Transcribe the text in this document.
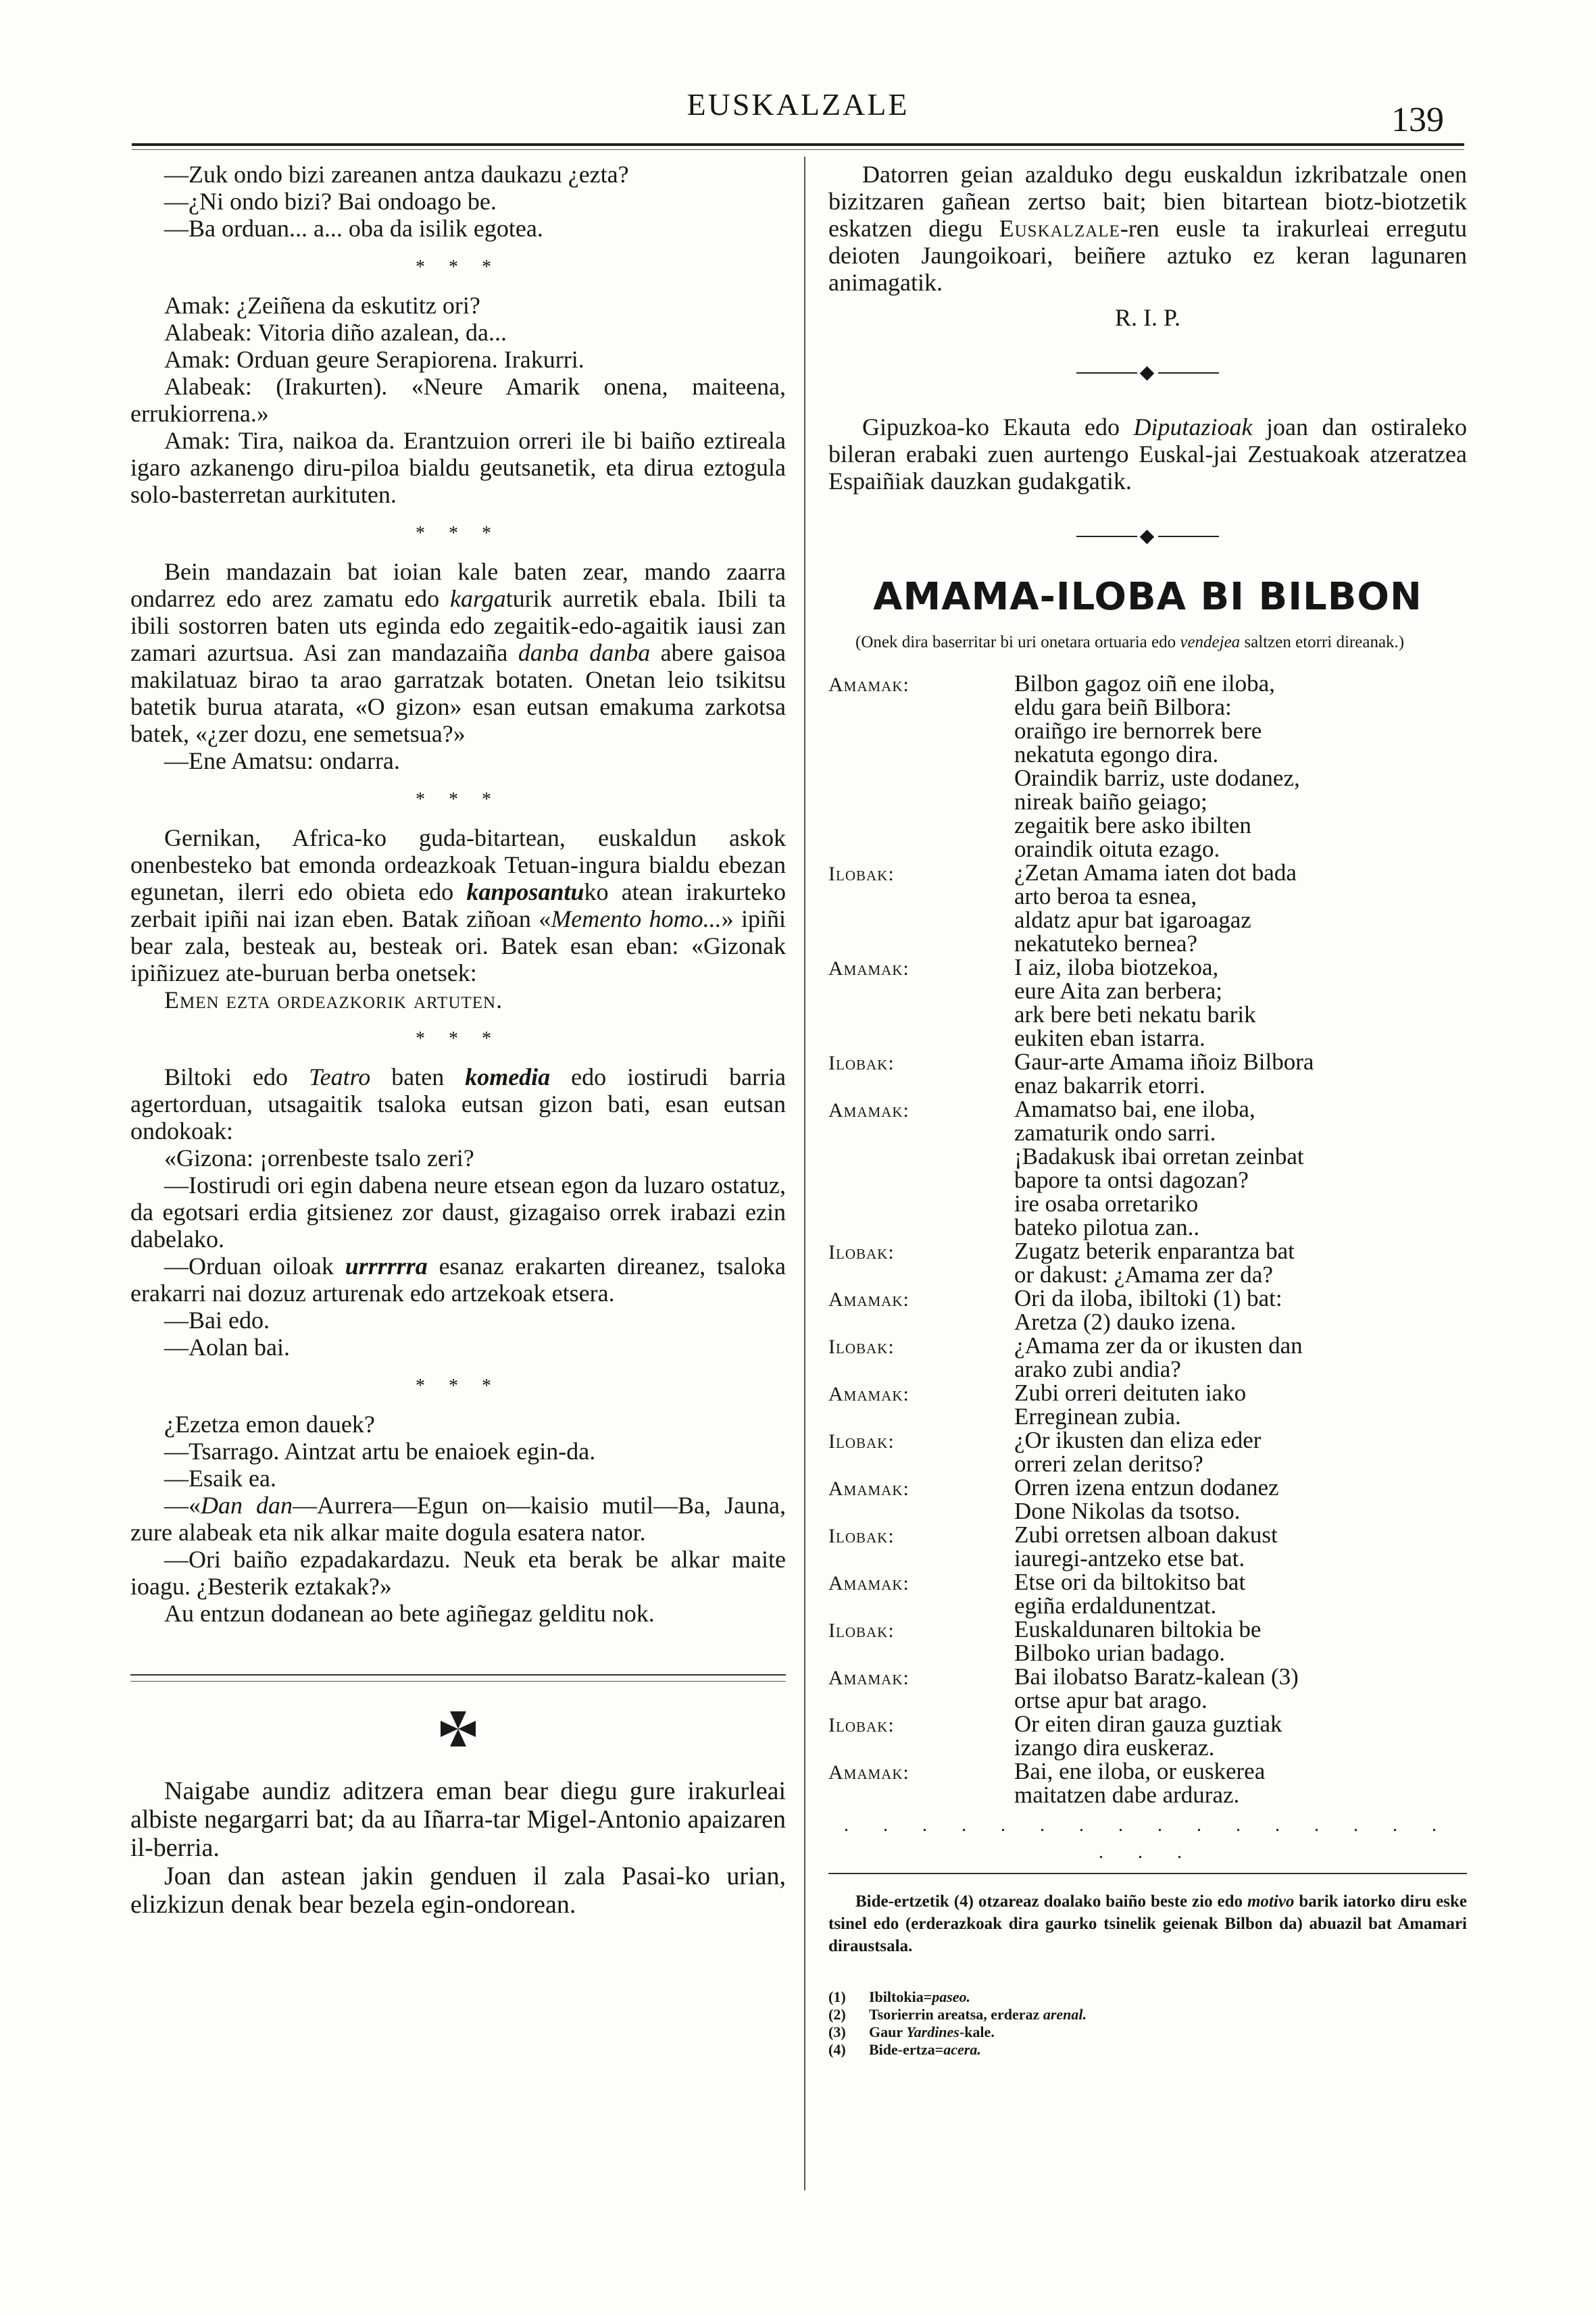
EUSKALZALE	139

—Zuk ondo bizi zareanen antza daukazu ¿ezta?

—¿Ni ondo bizi? Bai ondoago be.

—Ba orduan... a... oba da isilik egotea.

* * *

Amak: ¿Zeiñena da eskutitz ori?

Alabeak: Vitoria diño azalean, da...

Amak: Orduan geure Serapiorena. Irakurri.

Alabeak: (Irakurten). «Neure Amarik onena, maiteena, errukiorrena.»

Amak: Tira, naikoa da. Erantzuion orreri ile bi baiño eztireala igaro azkanengo diru-piloa bialdu geutsanetik, eta dirua eztogula solo-basterretan aurkituten.

* * *

Bein mandazain bat ioian kale baten zear, mando zaarra ondarrez edo arez zamatu edo kargaturik aurretik ebala. Ibili ta ibili sostorren baten uts egindа edo zegaitik-edo-agaitik iausi zan zamari azurtsua. Asi zan mandazaiña danba danba abere gaisoa makilatuaz birao ta arao garratzak botaten. Onetan leio tsikitsu batetik burua atarata, «O gizon» esan eutsan emakuma zarkotsa batek, «¿zer dozu, ene semetsua?»

—Ene Amatsu: ondarra.

* * *

Gernikan, Africa-ko guda-bitartean, euskaldun askok onenbesteko bat emonda ordeazkoak Tetuan-ingura bialdu ebezan egunetan, ilerri edo obieta edo kanposantuko atean irakurteko zerbait ipiñi nai izan eben. Batak ziñoan «Memento homo...» ipiñi bear zala, besteak au, besteak ori. Batek esan eban: «Gizonak ipiñizuez ate-buruan berba onetsek:

Emen ezta ordeazkorik artuten.

* * *

Biltoki edo Teatro baten komedia edo iostirudi barria agertorduan, utsagaitik tsaloka eutsan gizon bati, esan eutsan ondokoak:

«Gizona: ¡orrenbeste tsalo zeri?

—Iostirudi ori egin dabena neure etsean egon da luzaro ostatuz, da egotsari erdia gitsienez zor daust, gizagaiso orrek irabazi ezin dabelako.

—Orduan oiloak urrrrrra esanaz erakarten direanez, tsaloka erakarri nai dozuz arturenak edo artzekoak etsera.

—Bai edo.

—Aolan bai.

* * *

¿Ezetza emon dauek?

—Tsarrago. Aintzat artu be enaioek egin-da.

—Esaik ea.

—«Dan dan—Aurrera—Egun on—kaisio mutil—Ba, Jauna, zure alabeak eta nik alkar maite dogula esatera nator.

—Ori baiño ezpadakardazu. Neuk eta berak be alkar maite ioagu. ¿Besterik eztakak?»

Au entzun dodanean ao bete agiñegaz gelditu nok.

Naigabe aundiz aditzera eman bear diegu gure irakurleai albiste negargarri bat; da au Iñarra-tar Migel-Antonio apaizaren il-berria.

Joan dan astean jakin genduen il zala Pasai-ko urian, elizkizun dеnak bear bezela egin-ondorean.

Datorren geian azalduko degu euskaldun izkribatzale onen bizitzaren gañean zertso bait; bien bitartean biotz-biotzetik eskatzen diegu Euskalzale-ren eusle ta irakurleai erregutu deioten Jaungoikoari, beiñere aztuko ez keran lagunaren animagatik.

R. I. P.

◆

Gipuzkoa-ko Ekauta edo Diputazioak joan dan ostiraleko bileran erabaki zuen aurtengo Euskal-jai Zestuakoak atzeratzea Espaiñiak dauzkan gudakgatik.

◆
AMAMA-ILOBA BI BILBON

(Onek dira baserritar bi uri onetara ortuaria edo vendejea saltzen etorri direanak.)

Amamak:	Bilbon gagoz oiñ ene iloba,
eldu gara beiñ Bilbora:
oraiñgo ire bernorrek bere
nekatuta egongo dira.
Oraindik barriz, uste dodanez,
nireak baiño geiago;
zegaitik bere asko ibilten
oraindik oituta ezago.
Ilobak:	¿Zetan Amama iaten dot bada
arto beroa ta esnea,
aldatz apur bat igaroagaz
nekatuteko bernea?
Amamak:	I aiz, iloba biotzekoa,
eure Aita zan berbera;
ark bere beti nekatu barik
eukiten eban istarra.
Ilobak:	Gaur-arte Amama iñoiz Bilbora
enaz bakarrik etorri.
Amamak:	Amamatso bai, ene iloba,
zamaturik ondo sarri.
¡Badakusk ibai orretan zeinbat
bapore ta ontsi dagozan?
ire osaba orretariko
bateko pilotua zan..
Ilobak:	Zugatz beterik enparantza bat
or dakust: ¿Amama zer da?
Amamak:	Ori da iloba, ibiltoki (1) bat:
Aretza (2) dauko izena.
Ilobak:	¿Amama zer da or ikusten dan
arako zubi andia?
Amamak:	Zubi orreri deituten iako
Erreginean zubia.
Ilobak:	¿Or ikusten dan eliza eder
orreri zelan deritso?
Amamak:	Orren izena entzun dodanez
Done Nikolas da tsotso.
Ilobak:	Zubi orretsen alboan dakust
iauregi-antzeko etse bat.
Amamak:	Etse ori da biltokitso bat
egiña erdaldunentzat.
Ilobak:	Euskaldunaren biltokia be
Bilboko urian badago.
Amamak:	Bai ilobatso Baratz-kalean (3)
ortse apur bat arago.
Ilobak:	Or eiten diran gauza guztiak
izango dira euskeraz.
Amamak:	Bai, ene iloba, or euskerea
maitatzen dabe arduraz.
. . . . . . . . . . . . . . . . . . .

Bide-ertzetik (4) otzareaz doalako baiño beste zio edo motivo barik iatorko diru eske tsinel edo (erderazkoak dira gaurko tsinelik geienak Bilbon da) abuazil bat Amamari diraustsala.

(1) Ibiltokia=paseo.
(2) Tsorierrin areatsa, erderaz arenal.
(3) Gaur Yardines-kale.
(4) Bide-ertza=acera.
